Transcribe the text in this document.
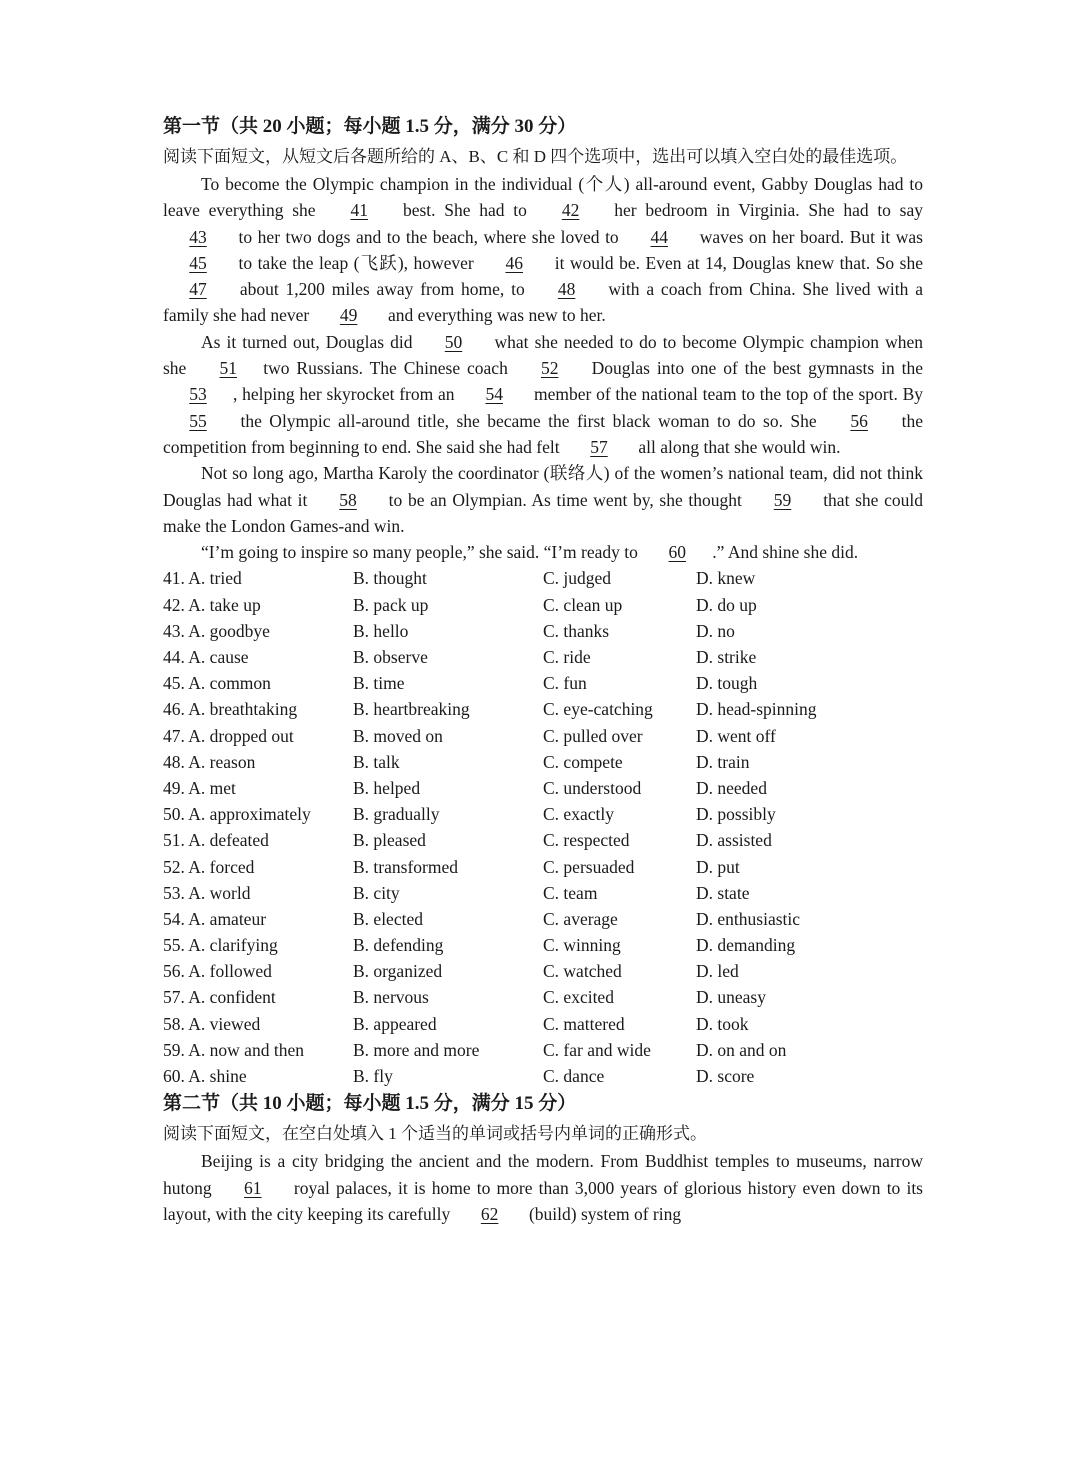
第一节（共 20 小题；每小题 1.5 分，满分 30 分）
阅读下面短文，从短文后各题所给的 A、B、C 和 D 四个选项中，选出可以填入空白处的最佳选项。
To become the Olympic champion in the individual (个人) all-around event, Gabby Douglas had to leave everything she 41 best. She had to 42 her bedroom in Virginia. She had to say 43 to her two dogs and to the beach, where she loved to 44 waves on her board. But it was 45 to take the leap (飞跃), however 46 it would be. Even at 14, Douglas knew that. So she 47 about 1,200 miles away from home, to 48 with a coach from China. She lived with a family she had never 49 and everything was new to her.
As it turned out, Douglas did 50 what she needed to do to become Olympic champion when she 51 two Russians. The Chinese coach 52 Douglas into one of the best gymnasts in the 53 , helping her skyrocket from an 54 member of the national team to the top of the sport. By 55 the Olympic all-around title, she became the first black woman to do so. She 56 the competition from beginning to end. She said she had felt 57 all along that she would win.
Not so long ago, Martha Karoly the coordinator (联络人) of the women’s national team, did not think Douglas had what it 58 to be an Olympian. As time went by, she thought 59 that she could make the London Games-and win.
“I’m going to inspire so many people,” she said. “I’m ready to 60 .” And shine she did.
41. A. tried	B. thought	C. judged	D. knew
42. A. take up	B. pack up	C. clean up	D. do up
43. A. goodbye	B. hello	C. thanks	D. no
44. A. cause	B. observe	C. ride	D. strike
45. A. common	B. time	C. fun	D. tough
46. A. breathtaking	B. heartbreaking	C. eye-catching	D. head-spinning
47. A. dropped out	B. moved on	C. pulled over	D. went off
48. A. reason	B. talk	C. compete	D. train
49. A. met	B. helped	C. understood	D. needed
50. A. approximately	B. gradually	C. exactly	D. possibly
51. A. defeated	B. pleased	C. respected	D. assisted
52. A. forced	B. transformed	C. persuaded	D. put
53. A. world	B. city	C. team	D. state
54. A. amateur	B. elected	C. average	D. enthusiastic
55. A. clarifying	B. defending	C. winning	D. demanding
56. A. followed	B. organized	C. watched	D. led
57. A. confident	B. nervous	C. excited	D. uneasy
58. A. viewed	B. appeared	C. mattered	D. took
59. A. now and then	B. more and more	C. far and wide	D. on and on
60. A. shine	B. fly	C. dance	D. score
第二节（共 10 小题；每小题 1.5 分，满分 15 分）
阅读下面短文，在空白处填入 1 个适当的单词或括号内单词的正确形式。
Beijing is a city bridging the ancient and the modern. From Buddhist temples to museums, narrow hutong 61 royal palaces, it is home to more than 3,000 years of glorious history even down to its layout, with the city keeping its carefully 62 (build) system of ring
